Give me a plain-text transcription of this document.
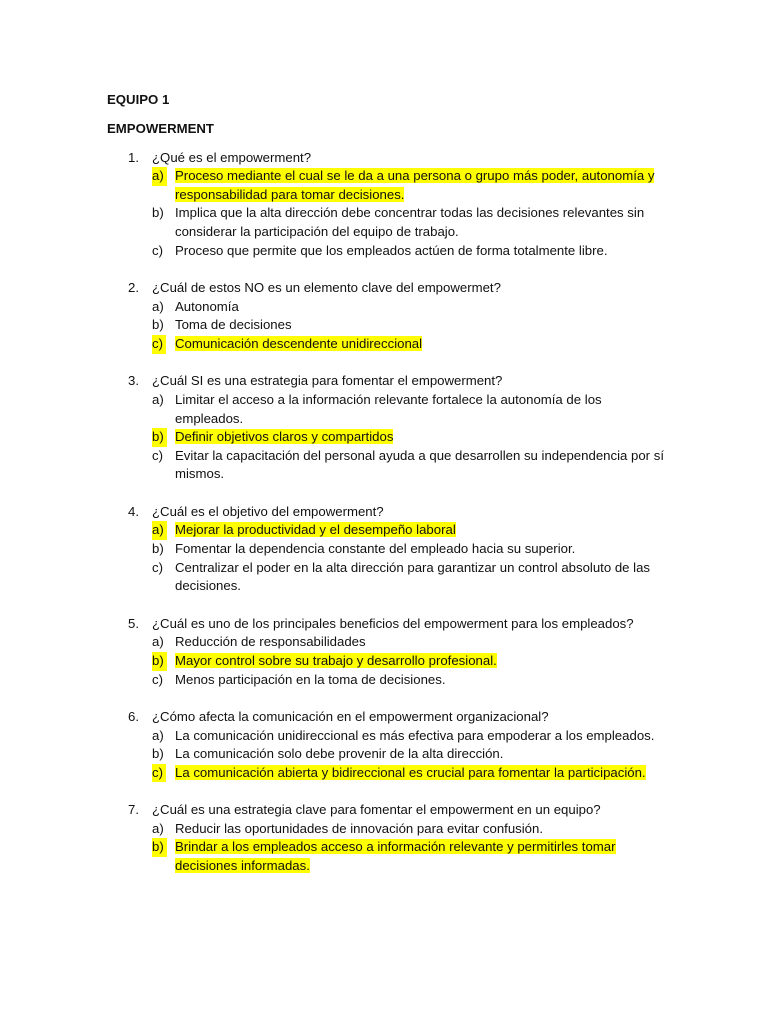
EQUIPO 1

EMPOWERMENT

1. ¿Qué es el empowerment?
a) Proceso mediante el cual se le da a una persona o grupo más poder, autonomía y responsabilidad para tomar decisiones.
b) Implica que la alta dirección debe concentrar todas las decisiones relevantes sin considerar la participación del equipo de trabajo.
c) Proceso que permite que los empleados actúen de forma totalmente libre.
2. ¿Cuál de estos NO es un elemento clave del empowermet?
a) Autonomía
b) Toma de decisiones
c) Comunicación descendente unidireccional
3. ¿Cuál SI es una estrategia para fomentar el empowerment?
a) Limitar el acceso a la información relevante fortalece la autonomía de los empleados.
b) Definir objetivos claros y compartidos
c) Evitar la capacitación del personal ayuda a que desarrollen su independencia por sí mismos.
4. ¿Cuál es el objetivo del empowerment?
a) Mejorar la productividad y el desempeño laboral
b) Fomentar la dependencia constante del empleado hacia su superior.
c) Centralizar el poder en la alta dirección para garantizar un control absoluto de las decisiones.
5. ¿Cuál es uno de los principales beneficios del empowerment para los empleados?
a) Reducción de responsabilidades
b) Mayor control sobre su trabajo y desarrollo profesional.
c) Menos participación en la toma de decisiones.
6. ¿Cómo afecta la comunicación en el empowerment organizacional?
a) La comunicación unidireccional es más efectiva para empoderar a los empleados.
b) La comunicación solo debe provenir de la alta dirección.
c) La comunicación abierta y bidireccional es crucial para fomentar la participación.
7. ¿Cuál es una estrategia clave para fomentar el empowerment en un equipo?
a) Reducir las oportunidades de innovación para evitar confusión.
b) Brindar a los empleados acceso a información relevante y permitirles tomar decisiones informadas.
